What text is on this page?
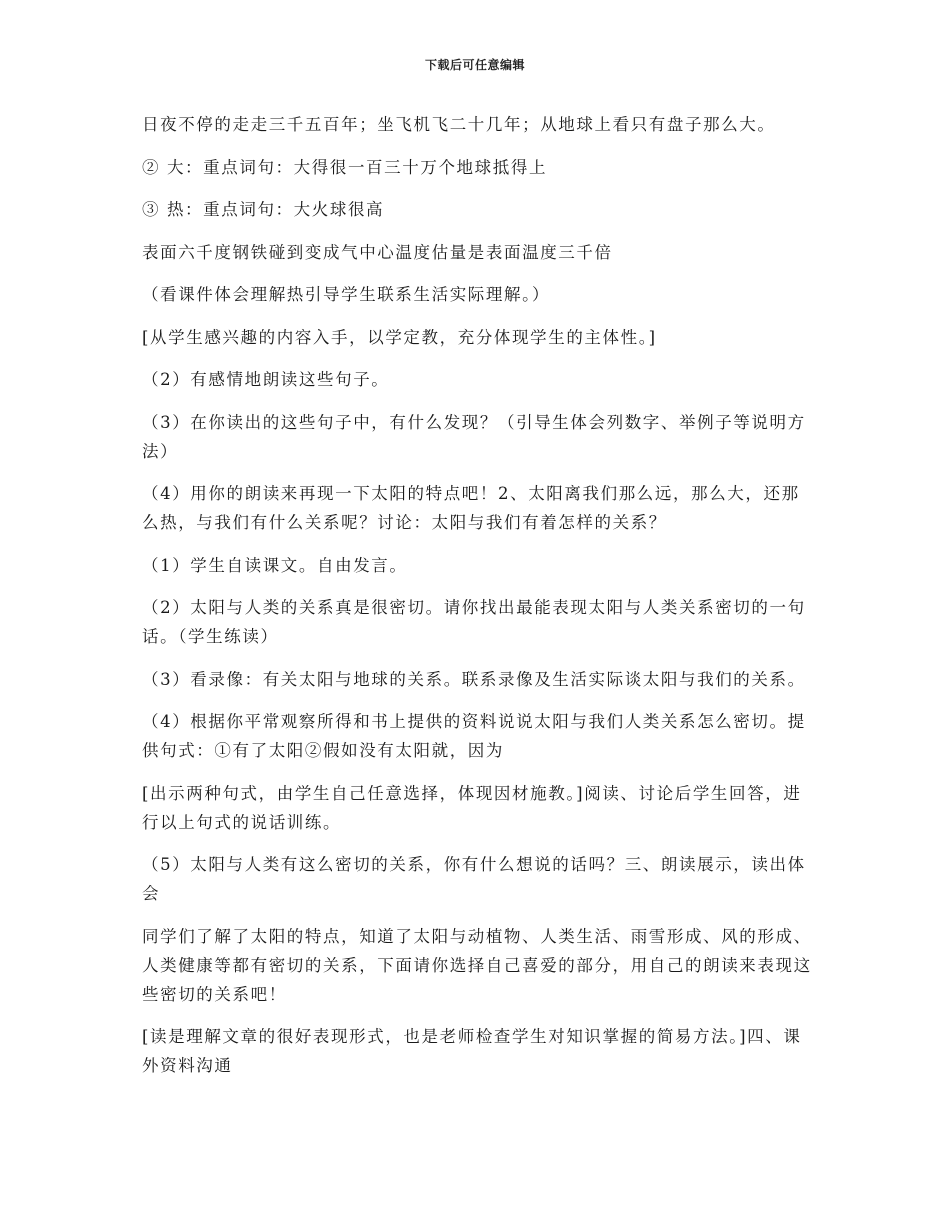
下载后可任意编辑

日夜不停的走走三千五百年；坐飞机飞二十几年；从地球上看只有盘子那么大。

② 大：重点词句：大得很一百三十万个地球抵得上

③ 热：重点词句：大火球很高

表面六千度钢铁碰到变成气中心温度估量是表面温度三千倍

（看课件体会理解热引导学生联系生活实际理解。）

[从学生感兴趣的内容入手，以学定教，充分体现学生的主体性。]

（2）有感情地朗读这些句子。

（3）在你读出的这些句子中，有什么发现？（引导生体会列数字、举例子等说明方法）

（4）用你的朗读来再现一下太阳的特点吧！2、太阳离我们那么远，那么大，还那么热，与我们有什么关系呢？讨论：太阳与我们有着怎样的关系？

（1）学生自读课文。自由发言。

（2）太阳与人类的关系真是很密切。请你找出最能表现太阳与人类关系密切的一句话。（学生练读）

（3）看录像：有关太阳与地球的关系。联系录像及生活实际谈太阳与我们的关系。

（4）根据你平常观察所得和书上提供的资料说说太阳与我们人类关系怎么密切。提供句式：①有了太阳②假如没有太阳就，因为

[出示两种句式，由学生自己任意选择，体现因材施教。]阅读、讨论后学生回答，进行以上句式的说话训练。

（5）太阳与人类有这么密切的关系，你有什么想说的话吗？三、朗读展示，读出体会

同学们了解了太阳的特点，知道了太阳与动植物、人类生活、雨雪形成、风的形成、人类健康等都有密切的关系，下面请你选择自己喜爱的部分，用自己的朗读来表现这些密切的关系吧！

[读是理解文章的很好表现形式，也是老师检查学生对知识掌握的简易方法。]四、课外资料沟通
